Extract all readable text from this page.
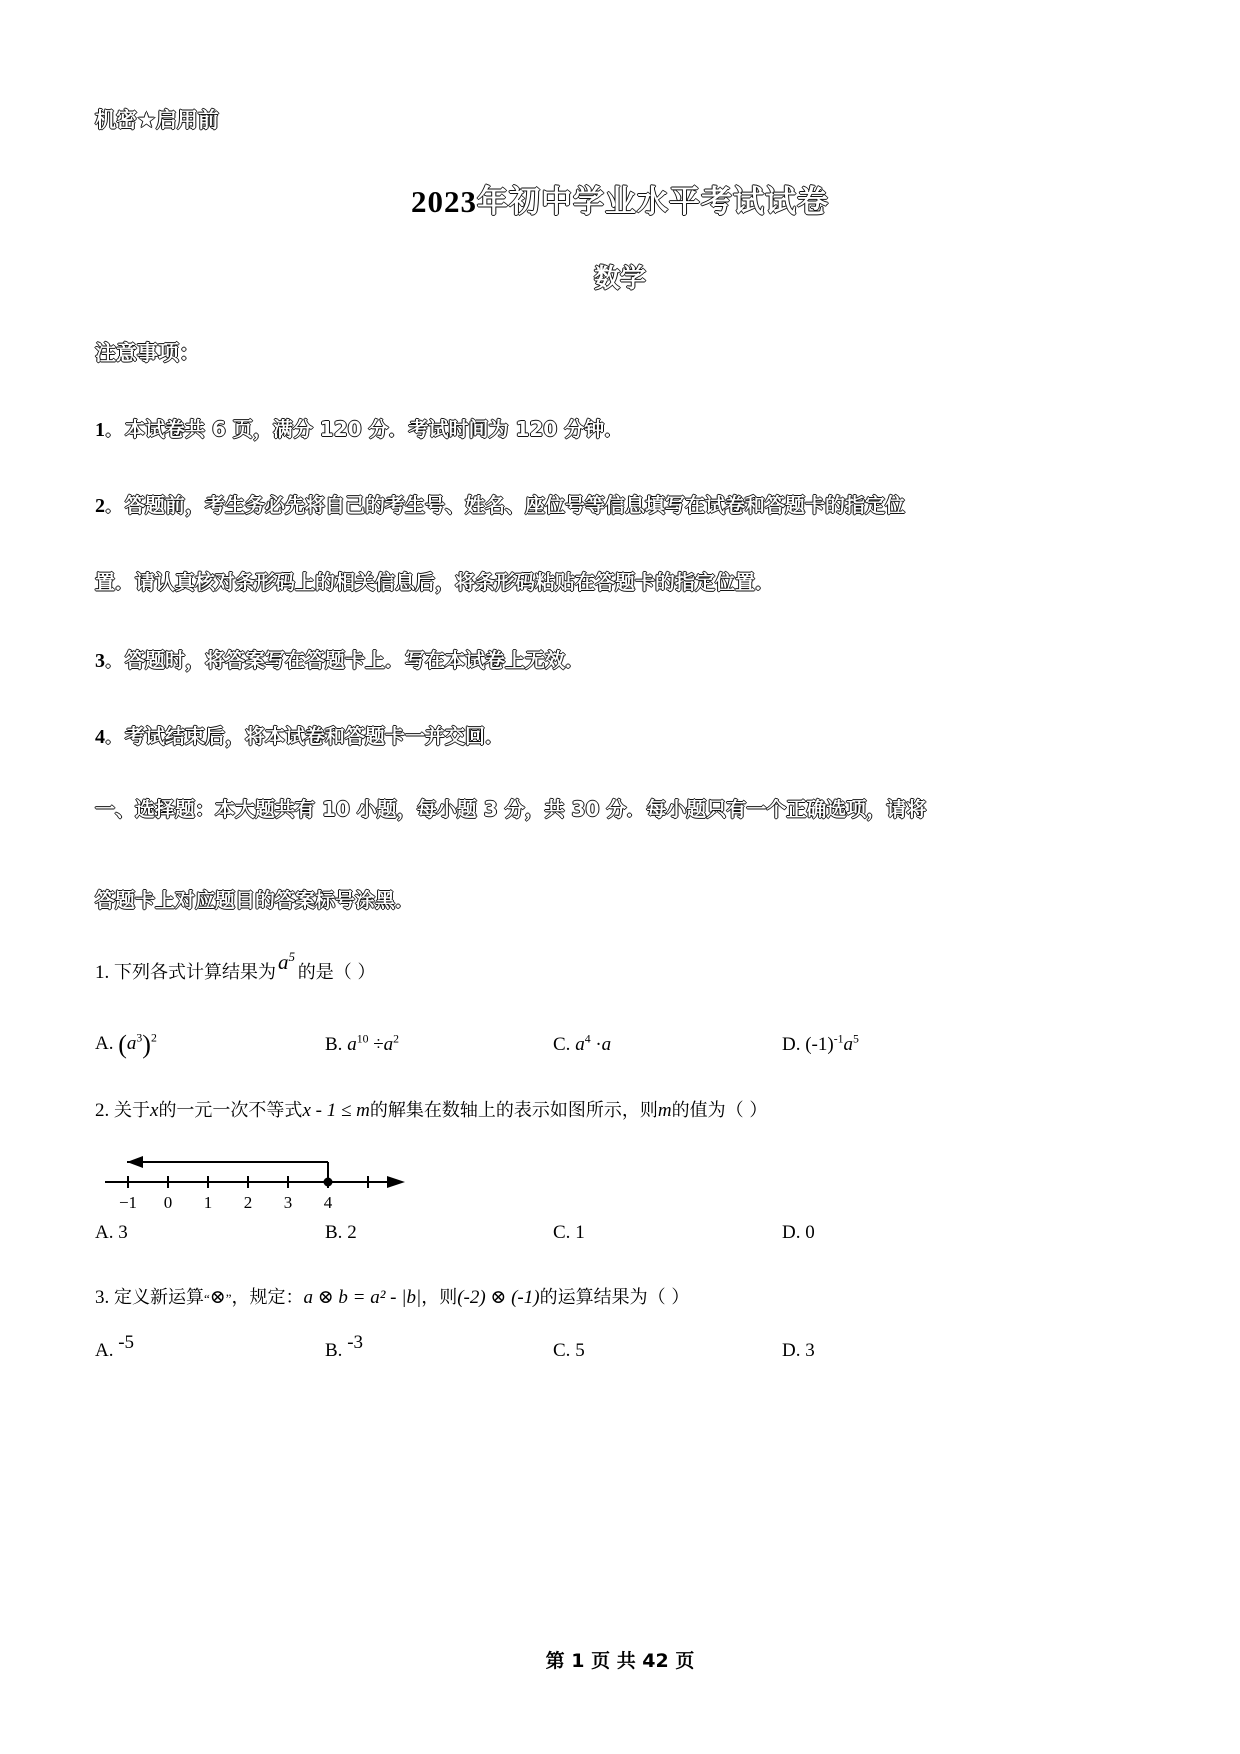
机密★启用前
2023年初中学业水平考试试卷
数学
注意事项：
1．本试卷共 6 页，满分 120 分．考试时间为 120 分钟．
2．答题前，考生务必先将自己的考生号、姓名、座位号等信息填写在试卷和答题卡的指定位
置．请认真核对条形码上的相关信息后，将条形码粘贴在答题卡的指定位置．
3．答题时，将答案写在答题卡上．写在本试卷上无效．
4．考试结束后，将本试卷和答题卡一并交回．
一、选择题：本大题共有 10 小题，每小题 3 分，共 30 分．每小题只有一个正确选项，请将
答题卡上对应题目的答案标号涂黑．
1. 下列各式计算结果为$a^5$ 的是（ ）
A. $(a^3)^2$	B. $a^{10} \div a^2$	C. $a^4 \cdot a$	D. $(-1)^{-1}a^5$
2. 关于x的一元一次不等式x - 1 ≤ m的解集在数轴上的表示如图所示，则m的值为（ ）
−1 0 1 2 3 4
A. 3	B. 2	C. 1	D. 0
3. 定义新运算“⊗”，规定：a ⊗ b = a² - |b|，则(-2) ⊗ (-1)的运算结果为（ ）
A. -5	B. -3	C. 5	D. 3
第 1 页 共 42 页
